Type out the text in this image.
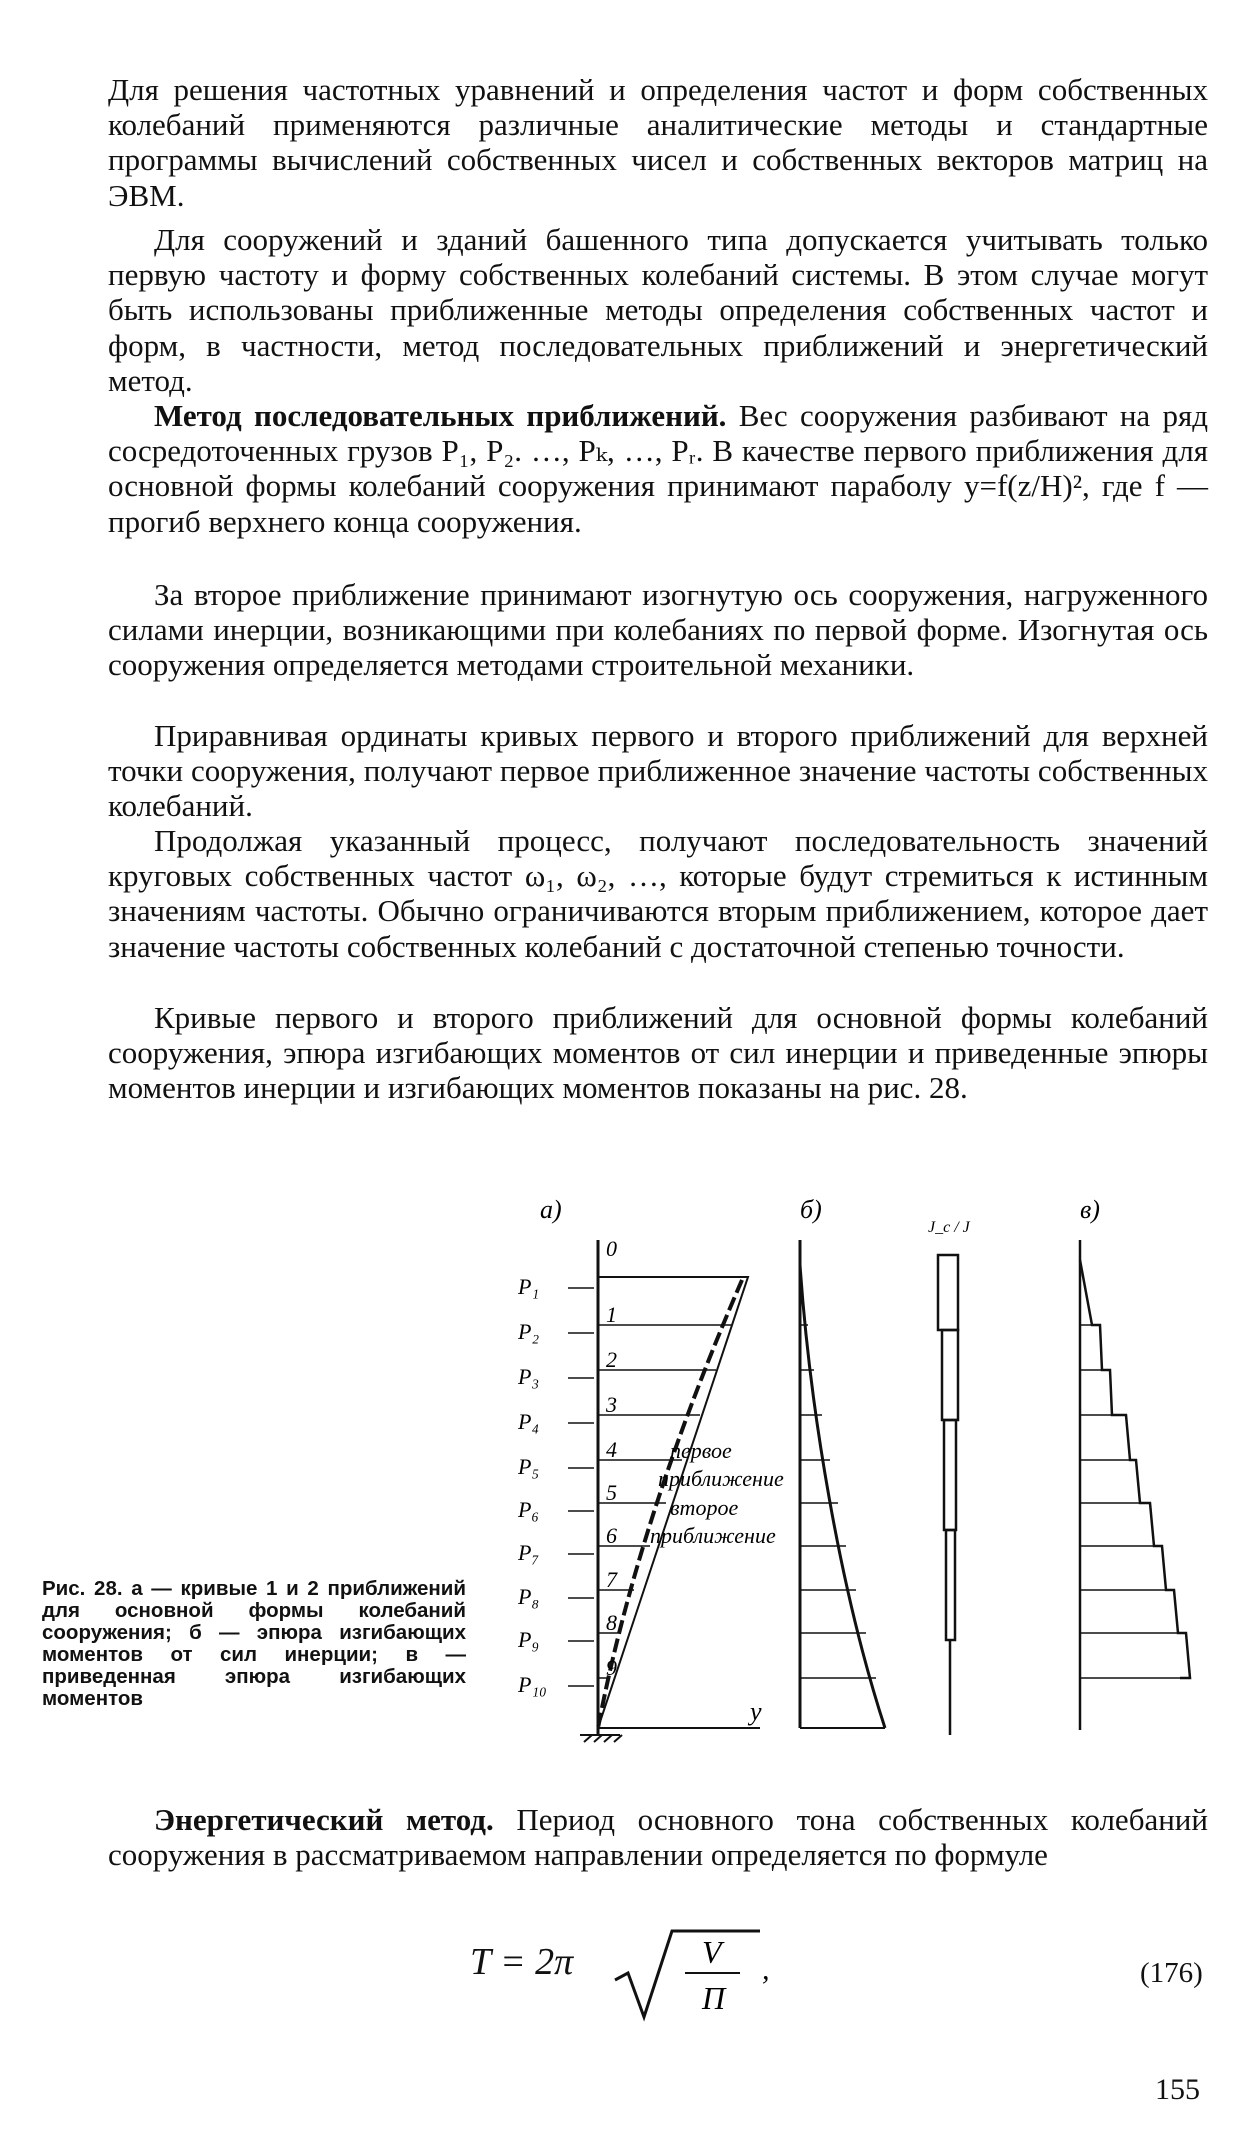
Для решения частотных уравнений и определения частот и форм собственных колебаний применяются различные аналитические методы и стандартные программы вычислений собственных чисел и собственных векторов матриц на ЭВМ.
Для сооружений и зданий башенного типа допускается учитывать только первую частоту и форму собственных колебаний системы. В этом случае могут быть использованы приближенные методы определения собственных частот и форм, в частности, метод последовательных приближений и энергетический метод.
Метод последовательных приближений. Вес сооружения разбивают на ряд сосредоточенных грузов P₁, P₂. …, Pₖ, …, Pᵣ. В качестве первого приближения для основной формы колебаний сооружения принимают параболу y=f(z/H)², где f — прогиб верхнего конца сооружения.
За второе приближение принимают изогнутую ось сооружения, нагруженного силами инерции, возникающими при колебаниях по первой форме. Изогнутая ось сооружения определяется методами строительной механики.
Приравнивая ординаты кривых первого и второго приближений для верхней точки сооружения, получают первое приближенное значение частоты собственных колебаний.
Продолжая указанный процесс, получают последовательность значений круговых собственных частот ω₁, ω₂, …, которые будут стремиться к истинным значениям частоты. Обычно ограничиваются вторым приближением, которое дает значение частоты собственных колебаний с достаточной степенью точности.
Кривые первого и второго приближений для основной формы колебаний сооружения, эпюра изгибающих моментов от сил инерции и приведенные эпюры моментов инерции и изгибающих моментов показаны на рис. 28.
а)	б)	в)
y
0
1
2
3
4
5
6
7
8
9
P₁
P₂
P₃
P₄
P₅
P₆
P₇
P₈
P₉
P₁₀
первое
приближение
второе
приближение
J_c / J
Рис. 28. а — кривые 1 и 2 приближений для основной формы колебаний сооружения; б — эпюра изгибающих моментов от сил инерции; в — приведенная эпюра изгибающих моментов
Энергетический метод. Период основного тона собственных колебаний сооружения в рассматриваемом направлении определяется по формуле
T = 2π	V
П
,	(176)
155
